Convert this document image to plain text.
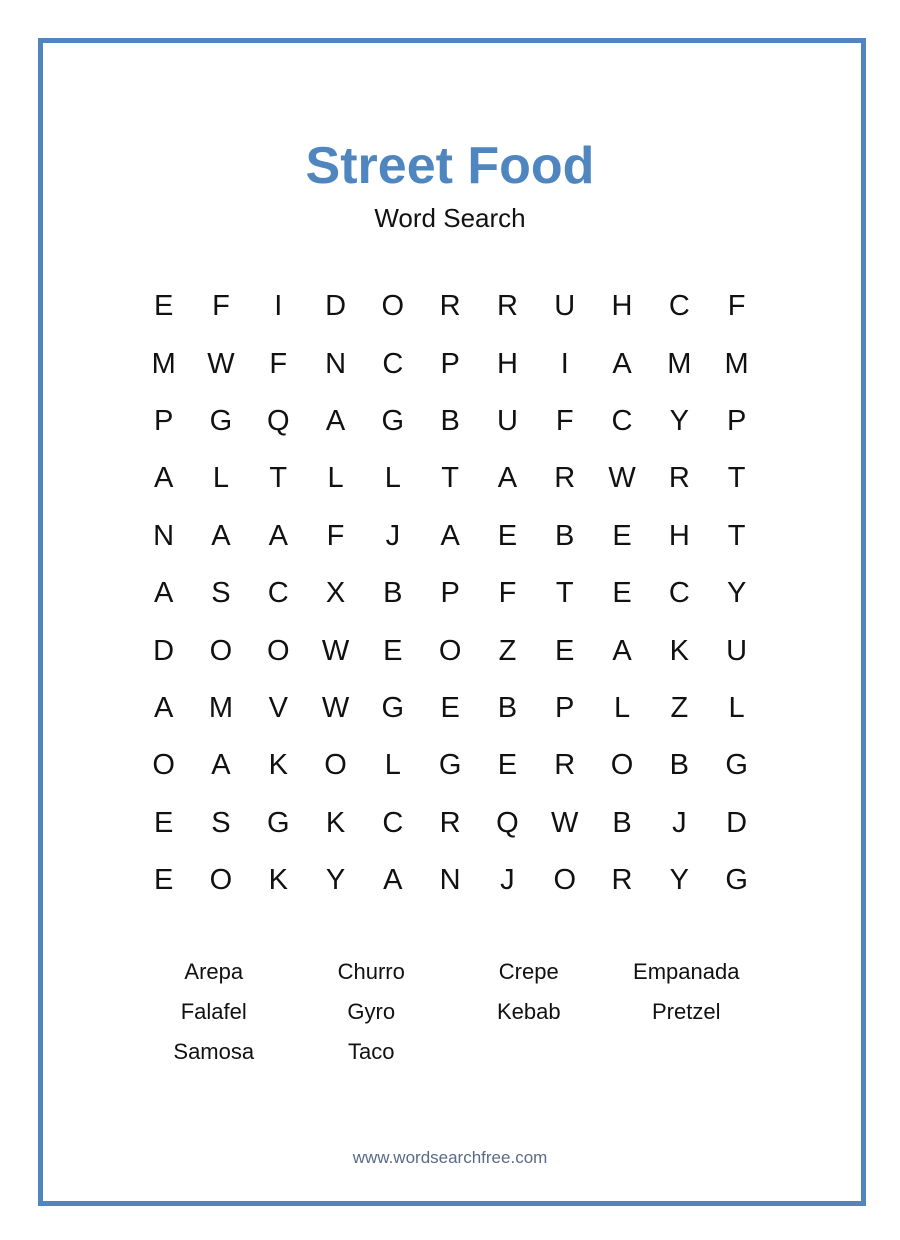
Street Food
Word Search
E	F	I	D	O	R	R	U	H	C	F
M	W	F	N	C	P	H	I	A	M	M
P	G	Q	A	G	B	U	F	C	Y	P
A	L	T	L	L	T	A	R	W	R	T
N	A	A	F	J	A	E	B	E	H	T
A	S	C	X	B	P	F	T	E	C	Y
D	O	O	W	E	O	Z	E	A	K	U
A	M	V	W	G	E	B	P	L	Z	L
O	A	K	O	L	G	E	R	O	B	G
E	S	G	K	C	R	Q	W	B	J	D
E	O	K	Y	A	N	J	O	R	Y	G
Arepa	Churro	Crepe	Empanada
Falafel	Gyro	Kebab	Pretzel
Samosa	Taco
www.wordsearchfree.com
